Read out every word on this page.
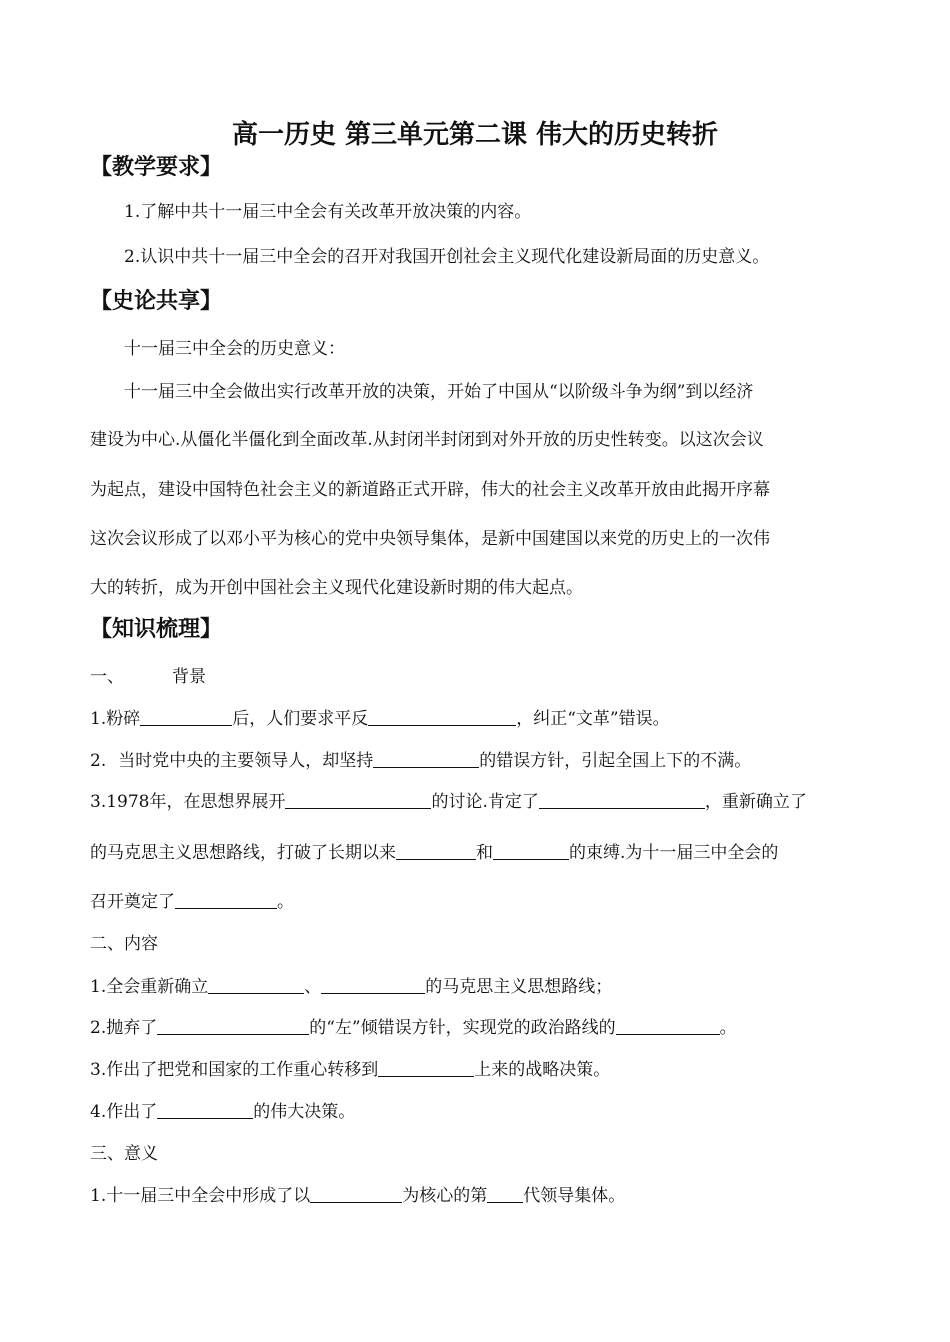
高一历史 第三单元第二课 伟大的历史转折
【教学要求】
1.了解中共十一届三中全会有关改革开放决策的内容。
2.认识中共十一届三中全会的召开对我国开创社会主义现代化建设新局面的历史意义。
【史论共享】
十一届三中全会的历史意义：
十一届三中全会做出实行改革开放的决策，开始了中国从“以阶级斗争为纲”到以经济
建设为中心.从僵化半僵化到全面改革.从封闭半封闭到对外开放的历史性转变。以这次会议
为起点，建设中国特色社会主义的新道路正式开辟，伟大的社会主义改革开放由此揭开序幕
这次会议形成了以邓小平为核心的党中央领导集体，是新中国建国以来党的历史上的一次伟
大的转折，成为开创中国社会主义现代化建设新时期的伟大起点。
【知识梳理】
一、	背景
1.粉碎	后，人们要求平反	，纠正“文革”错误。
2. 当时党中央的主要领导人，却坚持	的错误方针，引起全国上下的不满。
3.1978年，在思想界展开	的讨论.肯定了	，重新确立了
的马克思主义思想路线，打破了长期以来	和	的束缚.为十一届三中全会的
召开奠定了	。
二、内容
1.全会重新确立	、	的马克思主义思想路线；
2.抛弃了	的“左”倾错误方针，实现党的政治路线的	。
3.作出了把党和国家的工作重心转移到	上来的战略决策。
4.作出了	的伟大决策。
三、意义
1.十一届三中全会中形成了以	为核心的第 代领导集体。
